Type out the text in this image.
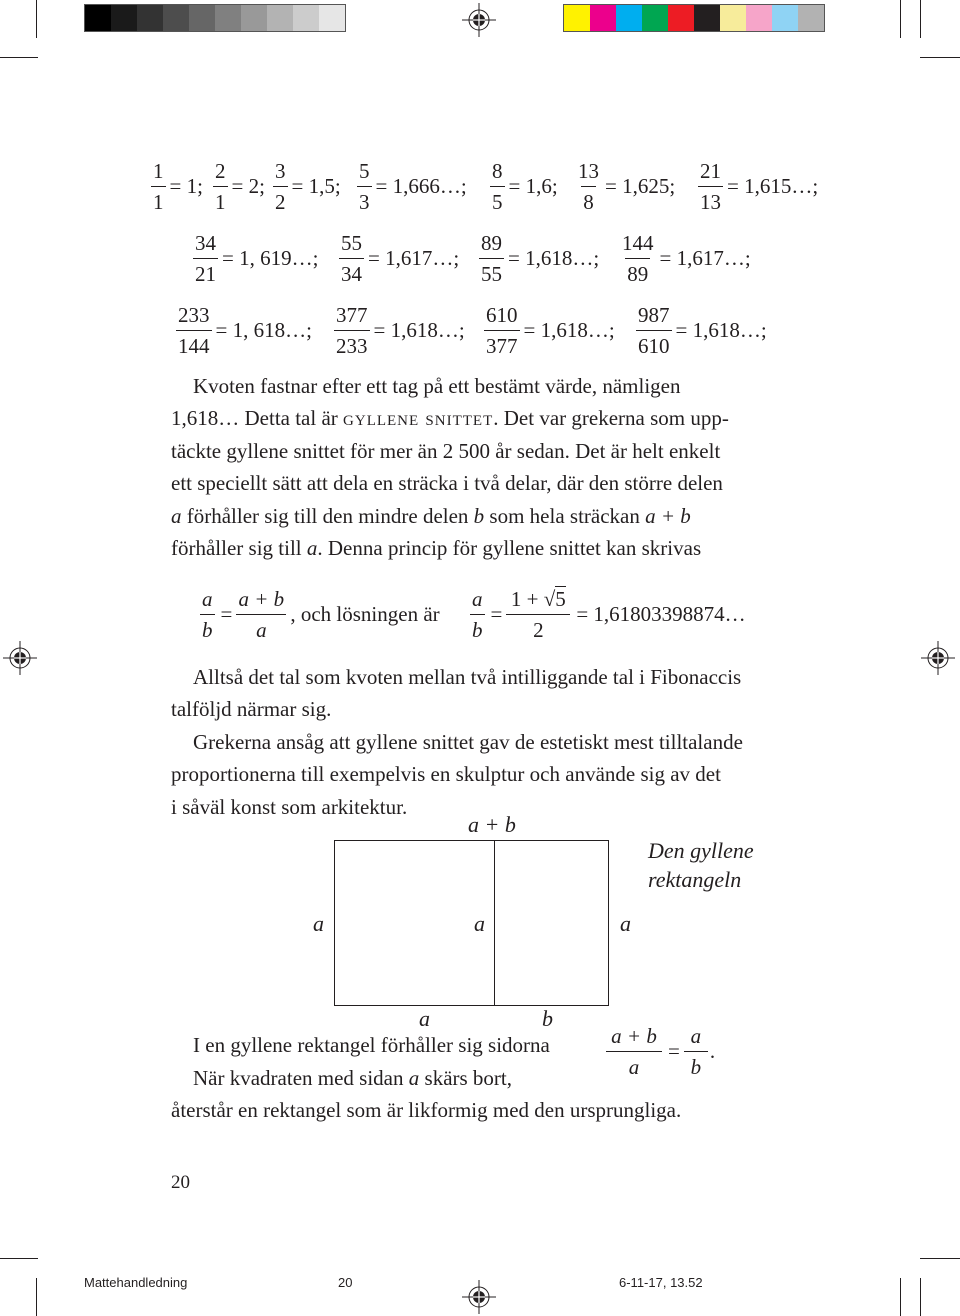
$\frac{1}{1} = 1$; $\frac{2}{1} = 2$; $\frac{3}{2} = 1,5$; $\frac{5}{3}$ = 1,666…; $\frac{8}{5} = 1,6$; $\frac{13}{8} = 1,625$; $\frac{21}{13}$ = 1,615…;
$\frac{34}{21} = 1$, 619…; $\frac{55}{34}$ = 1,617…; $\frac{89}{55}$ = 1,618…; $\frac{144}{89}$ = 1,617…;
$\frac{233}{144} = 1$, 618…; $\frac{377}{233}$ = 1,618…; $\frac{610}{377}$ = 1,618…; $\frac{987}{610}$ = 1,618…;
Kvoten fastnar efter ett tag på ett bestämt värde, nämligen
1,618… Detta tal är gyllene snittet. Det var grekerna som upp-
täckte gyllene snittet för mer än 2 500 år sedan. Det är helt enkelt
ett speciellt sätt att dela en sträcka i två delar, där den större delen
a förhåller sig till den mindre delen b som hela sträckan a + b
förhåller sig till a. Denna princip för gyllene snittet kan skrivas
$\frac{a}{b} = \frac{a + b}{a}$ , och lösningen är $\frac{a}{b} = \frac{1 + √5}{2}$ = 1,61803398874…
Alltså det tal som kvoten mellan två intilliggande tal i Fibonaccis
talföljd närmar sig.
Grekerna ansåg att gyllene snittet gav de estetiskt mest tilltalande
proportionerna till exempelvis en skulptur och använde sig av det
i såväl konst som arkitektur.
a + b
a	a	a
a	b
Den gyllene
rektangeln
I en gyllene rektangel förhåller sig sidorna	$\frac{a + b}{a} = \frac{a}{b}$ .
När kvadraten med sidan a skärs bort,
återstår en rektangel som är likformig med den ursprungliga.
20
Mattehandledning	20	6-11-17, 13.52
